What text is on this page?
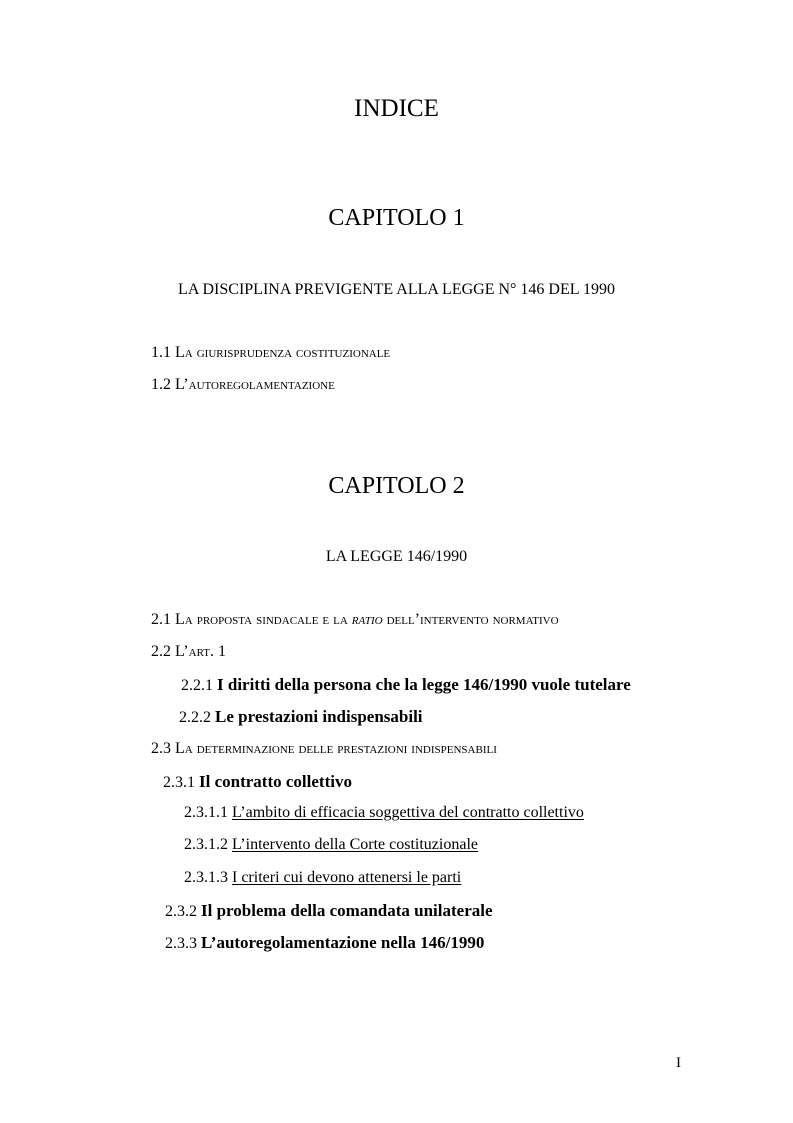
INDICE
CAPITOLO 1
LA DISCIPLINA PREVIGENTE ALLA LEGGE N° 146 DEL 1990
1.1 La giurisprudenza costituzionale
1.2 L’autoregolamentazione
CAPITOLO 2
LA LEGGE 146/1990
2.1 La proposta sindacale e la ratio dell’intervento normativo
2.2 L’art. 1
2.2.1 I diritti della persona che la legge 146/1990 vuole tutelare
2.2.2 Le prestazioni indispensabili
2.3 La determinazione delle prestazioni indispensabili
2.3.1 Il contratto collettivo
2.3.1.1 L’ambito di efficacia soggettiva del contratto collettivo
2.3.1.2 L’intervento della Corte costituzionale
2.3.1.3 I criteri cui devono attenersi le parti
2.3.2 Il problema della comandata unilaterale
2.3.3 L’autoregolamentazione nella 146/1990
I
